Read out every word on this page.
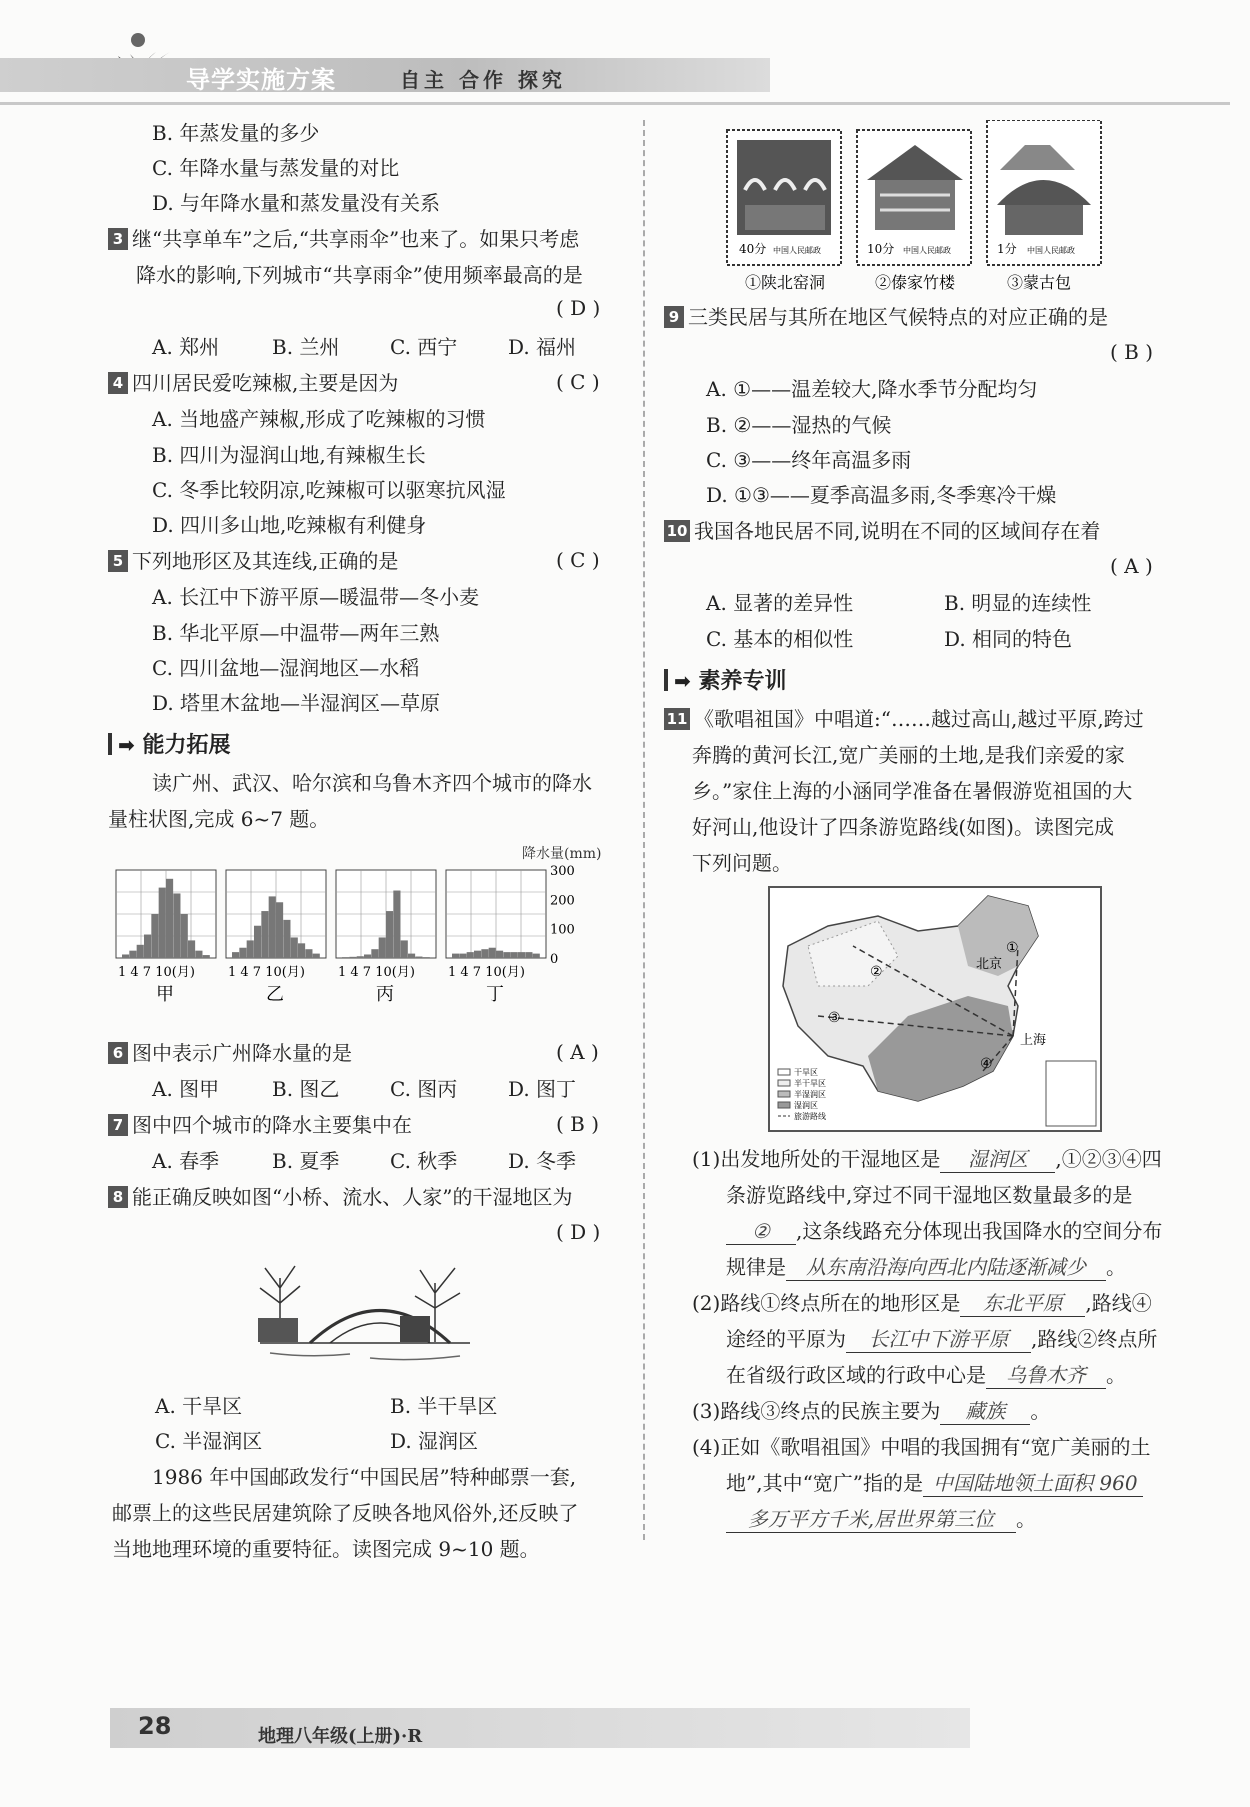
导学实施方案	自主 合作 探究
B. 年蒸发量的多少
C. 年降水量与蒸发量的对比
D. 与年降水量和蒸发量没有关系
3 继“共享单车”之后,“共享雨伞”也来了。如果只考虑
降水的影响,下列城市“共享雨伞”使用频率最高的是
( D )
A. 郑州	B. 兰州	C. 西宁	D. 福州
4 四川居民爱吃辣椒,主要是因为	( C )
A. 当地盛产辣椒,形成了吃辣椒的习惯
B. 四川为湿润山地,有辣椒生长
C. 冬季比较阴凉,吃辣椒可以驱寒抗风湿
D. 四川多山地,吃辣椒有利健身
5 下列地形区及其连线,正确的是	( C )
A. 长江中下游平原—暖温带—冬小麦
B. 华北平原—中温带—两年三熟
C. 四川盆地—湿润地区—水稻
D. 塔里木盆地—半湿润区—草原
➡ 能力拓展
读广州、武汉、哈尔滨和乌鲁木齐四个城市的降水
量柱状图,完成 6~7 题。
降水量(mm)
1 4 7 10(月)
甲
1 4 7 10(月)
乙
1 4 7 10(月)
丙
1 4 7 10(月)
丁
300
200
100
0
6 图中表示广州降水量的是	( A )
A. 图甲	B. 图乙	C. 图丙	D. 图丁
7 图中四个城市的降水主要集中在	( B )
A. 春季	B. 夏季	C. 秋季	D. 冬季
8 能正确反映如图“小桥、流水、人家”的干湿地区为
( D )
A. 干旱区	B. 半干旱区
C. 半湿润区	D. 湿润区
1986 年中国邮政发行“中国民居”特种邮票一套,
邮票上的这些民居建筑除了反映各地风俗外,还反映了
当地地理环境的重要特征。读图完成 9~10 题。
40分 中国人民邮政	10分 中国人民邮政	1分 中国人民邮政
①陕北窑洞	②傣家竹楼	③蒙古包
9 三类民居与其所在地区气候特点的对应正确的是
( B )
A. ①——温差较大,降水季节分配均匀
B. ②——湿热的气候
C. ③——终年高温多雨
D. ①③——夏季高温多雨,冬季寒冷干燥
10 我国各地民居不同,说明在不同的区域间存在着
( A )
A. 显著的差异性	B. 明显的连续性
C. 基本的相似性	D. 相同的特色
➡ 素养专训
11 《歌唱祖国》中唱道:“……越过高山,越过平原,跨过
奔腾的黄河长江,宽广美丽的土地,是我们亲爱的家
乡。”家住上海的小涵同学准备在暑假游览祖国的大
好河山,他设计了四条游览路线(如图)。读图完成
下列问题。
北京
上海
①
②
③
④
干旱区
半干旱区
半湿润区
湿润区
旅游路线
(1)出发地所处的干湿地区是 湿润区 ,①②③④四
条游览路线中,穿过不同干湿地区数量最多的是
② ,这条线路充分体现出我国降水的空间分布
规律是 从东南沿海向西北内陆逐渐减少 。
(2)路线①终点所在的地形区是 东北平原 ,路线④
途经的平原为 长江中下游平原 ,路线②终点所
在省级行政区域的行政中心是 乌鲁木齐 。
(3)路线③终点的民族主要为 藏族 。
(4)正如《歌唱祖国》中唱的我国拥有“宽广美丽的土
地”,其中“宽广”指的是 中国陆地领土面积 960
多万平方千米,居世界第三位 。
28	地理八年级(上册)·R
